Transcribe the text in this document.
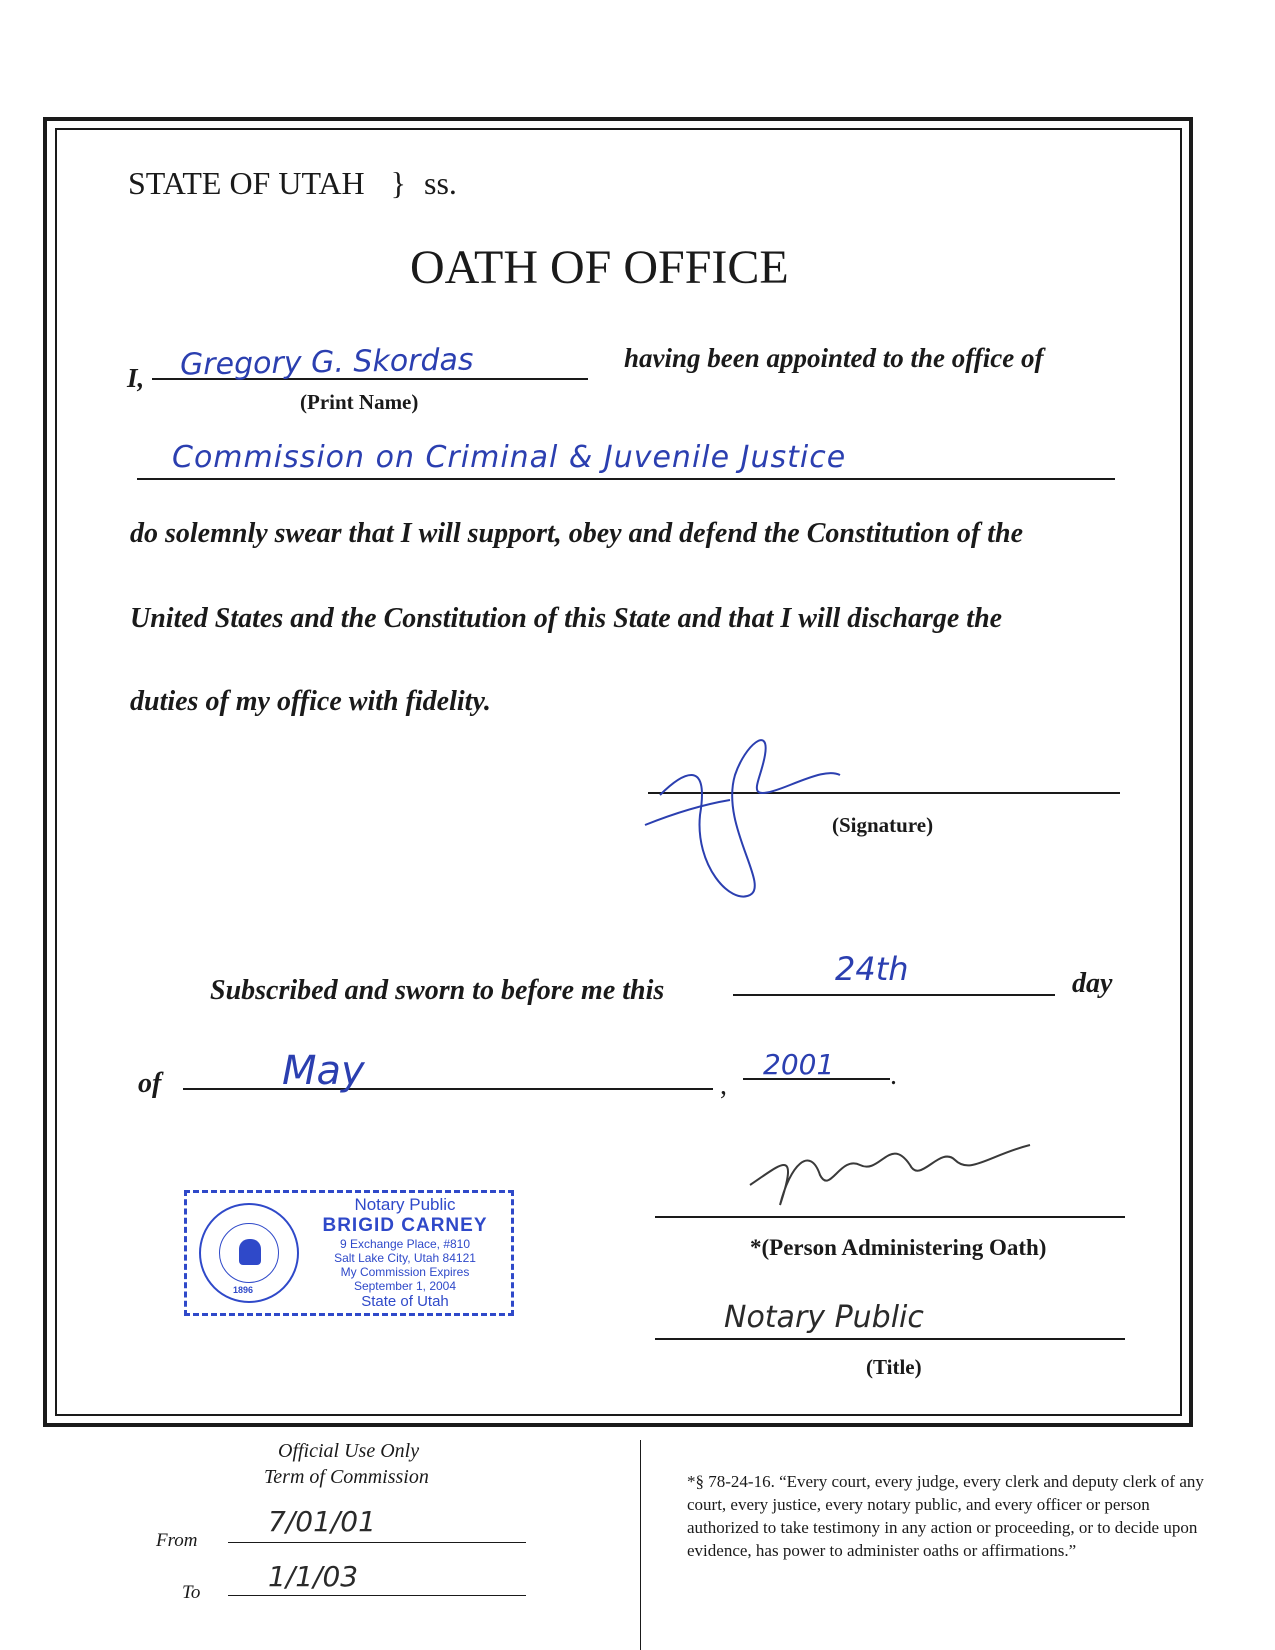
STATE OF UTAH } ss.
OATH OF OFFICE
I, Gregory G. Skordas
(Print Name)
having been appointed to the office of
Commission on Criminal & Juvenile Justice
do solemnly swear that I will support, obey and defend the Constitution of the
United States and the Constitution of this State and that I will discharge the
duties of my office with fidelity.
(Signature)
Subscribed and sworn to before me this
24th	day
of	May	,
2001 .
1896
Notary Public
BRIGID CARNEY
9 Exchange Place, #810
Salt Lake City, Utah 84121
My Commission Expires
September 1, 2004
State of Utah
*(Person Administering Oath)
Notary Public
(Title)
Official Use Only
Term of Commission
From
7/01/01
To 1/1/03
*§ 78-24-16. “Every court, every judge, every clerk and deputy clerk of any court, every justice, every notary public, and every officer or person authorized to take testimony in any action or proceeding, or to decide upon evidence, has power to administer oaths or affirmations.”
